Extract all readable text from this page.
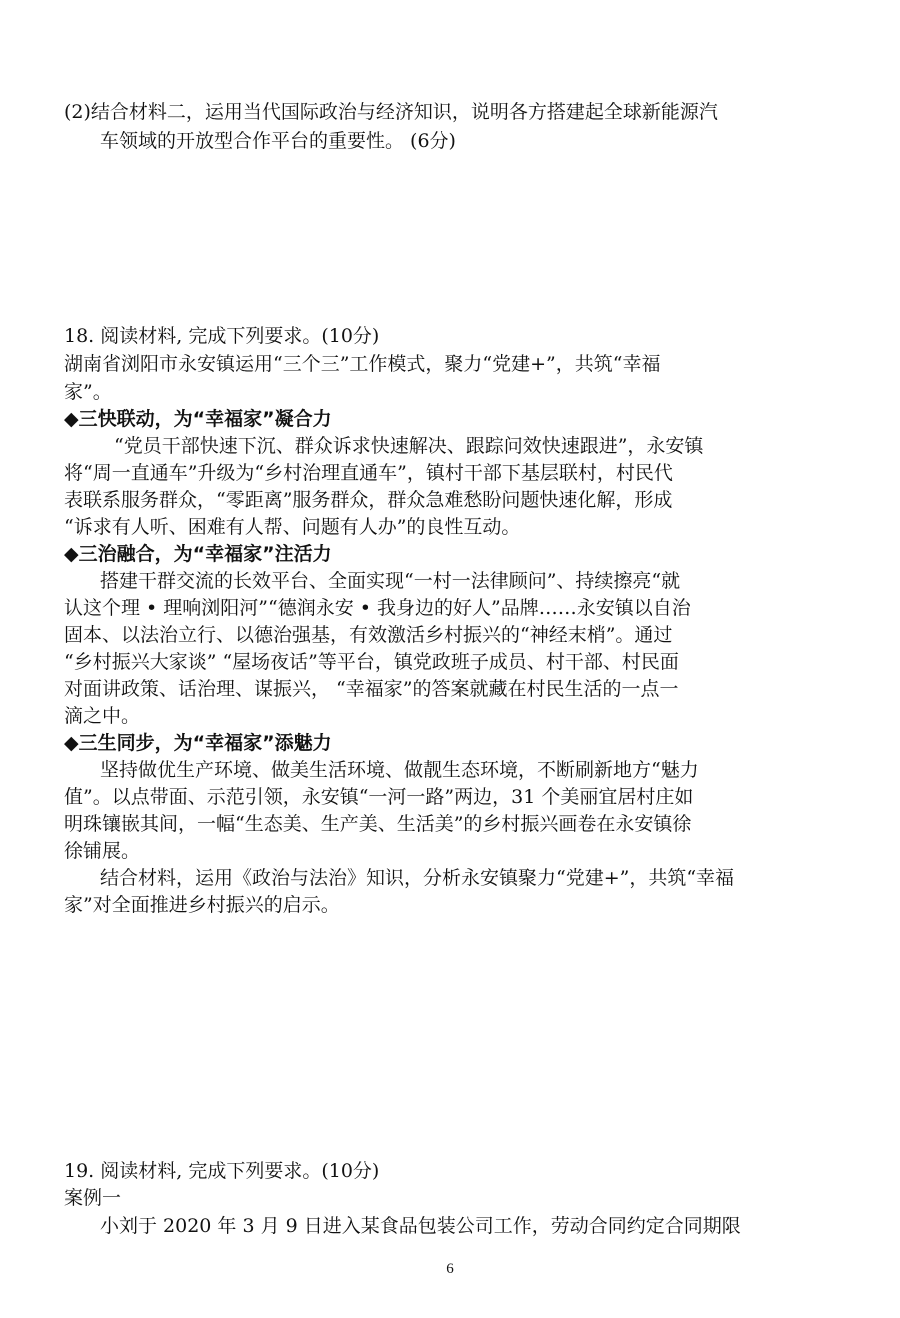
(2)结合材料二，运用当代国际政治与经济知识，说明各方搭建起全球新能源汽
车领域的开放型合作平台的重要性。 (6分)
18. 阅读材料, 完成下列要求。(10分)
湖南省浏阳市永安镇运用“三个三”工作模式，聚力“党建+”，共筑“幸福
家”。
◆三快联动，为“幸福家”凝合力
“党员干部快速下沉、群众诉求快速解决、跟踪问效快速跟进”，永安镇
将“周一直通车”升级为“乡村治理直通车”，镇村干部下基层联村，村民代
表联系服务群众，“零距离”服务群众，群众急难愁盼问题快速化解，形成
“诉求有人听、困难有人帮、问题有人办”的良性互动。
◆三治融合，为“幸福家”注活力
搭建干群交流的长效平台、全面实现“一村一法律顾问”、持续擦亮“就
认这个理 • 理响浏阳河”“德润永安 • 我身边的好人”品牌……永安镇以自治
固本、以法治立行、以德治强基，有效激活乡村振兴的“神经末梢”。通过
“乡村振兴大家谈” “屋场夜话”等平台，镇党政班子成员、村干部、村民面
对面讲政策、话治理、谋振兴， “幸福家”的答案就藏在村民生活的一点一
滴之中。
◆三生同步，为“幸福家”添魅力
坚持做优生产环境、做美生活环境、做靓生态环境，不断刷新地方“魅力
值”。以点带面、示范引领，永安镇“一河一路”两边，31 个美丽宜居村庄如
明珠镶嵌其间，一幅“生态美、生产美、生活美”的乡村振兴画卷在永安镇徐
徐铺展。
结合材料，运用《政治与法治》知识，分析永安镇聚力“党建+”，共筑“幸福
家”对全面推进乡村振兴的启示。
19. 阅读材料, 完成下列要求。(10分)
案例一
小刘于 2020 年 3 月 9 日进入某食品包装公司工作，劳动合同约定合同期限
6
